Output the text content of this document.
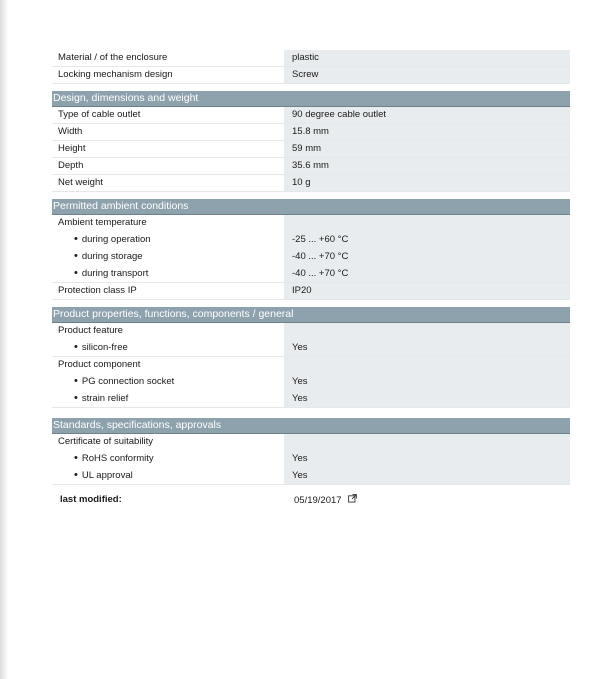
Material / of the enclosure	plastic
Locking mechanism design	Screw
Design, dimensions and weight
Type of cable outlet	90 degree cable outlet
Width	15.8 mm
Height	59 mm
Depth	35.6 mm
Net weight	10 g
Permitted ambient conditions
Ambient temperature
• during operation	-25 ... +60 °C
• during storage	-40 ... +70 °C
• during transport	-40 ... +70 °C
Protection class IP	IP20
Product properties, functions, components / general
Product feature
• silicon-free	Yes
Product component
• PG connection socket	Yes
• strain relief	Yes
Standards, specifications, approvals
Certificate of suitability
• RoHS conformity	Yes
• UL approval	Yes
last modified:	05/19/2017
